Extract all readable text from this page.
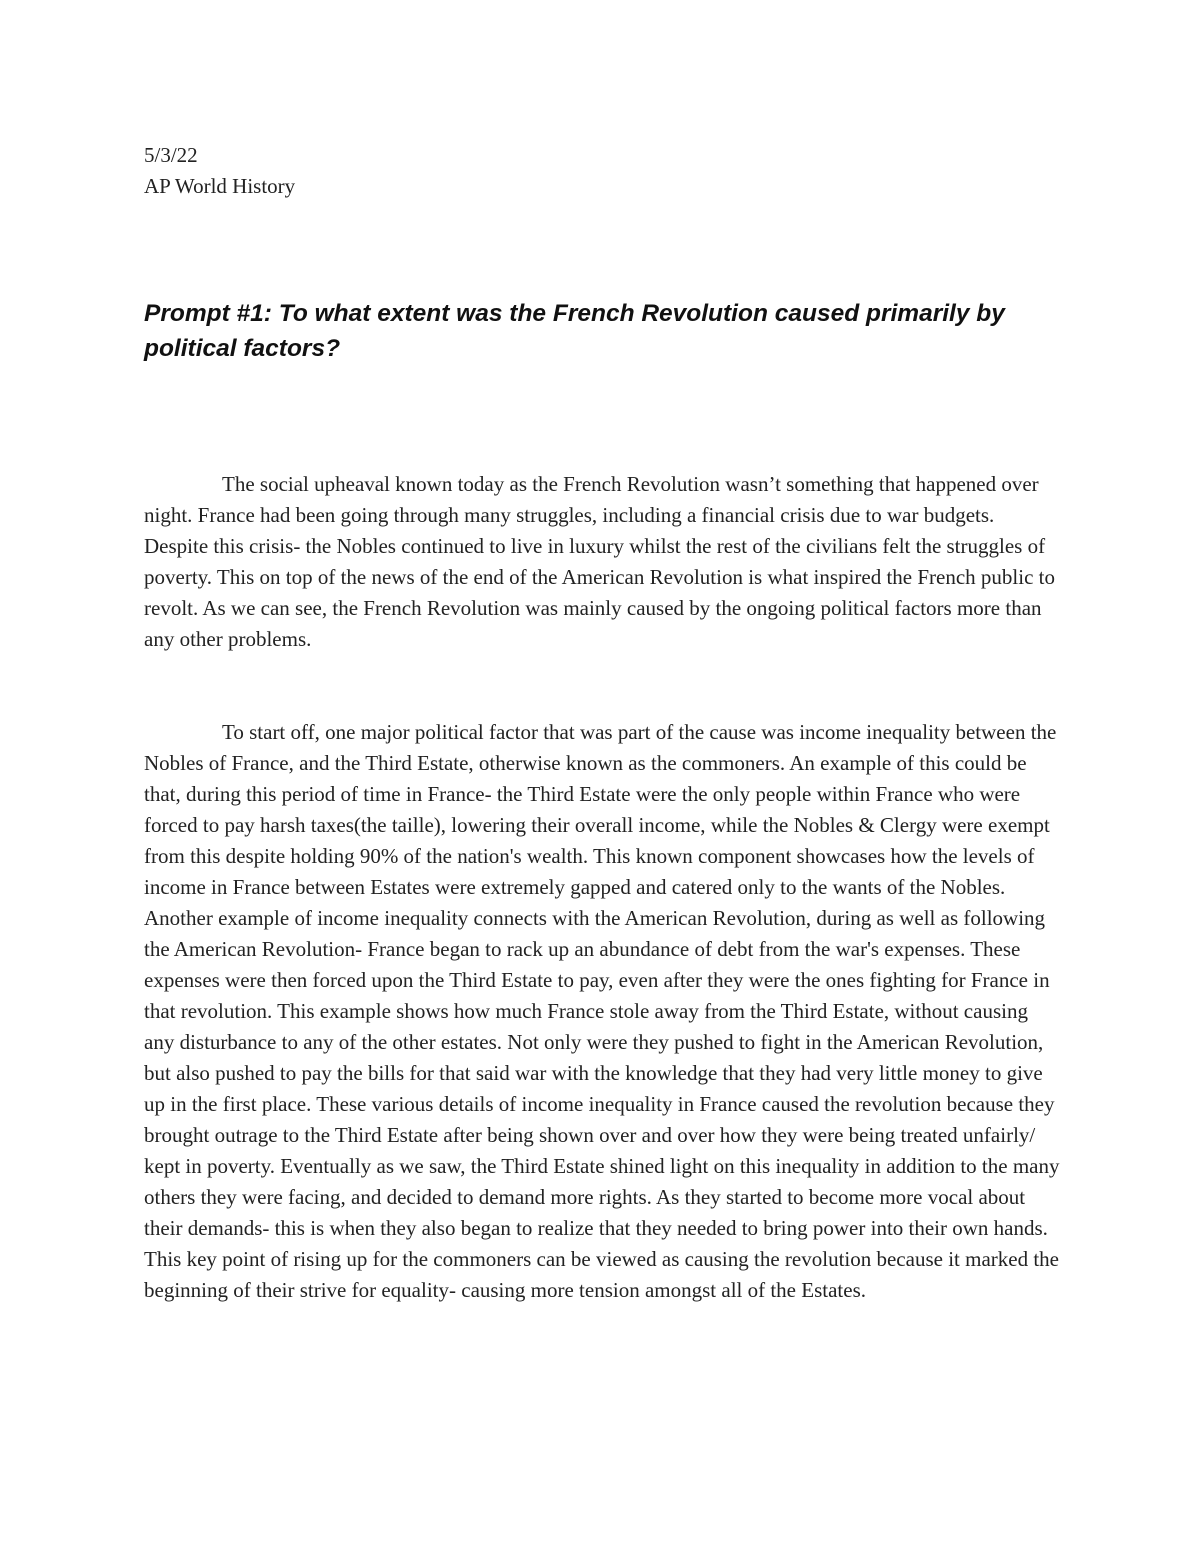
5/3/22

AP World History

Prompt #1: To what extent was the French Revolution caused primarily by political factors?

The social upheaval known today as the French Revolution wasn’t something that happened over night. France had been going through many struggles, including a financial crisis due to war budgets. Despite this crisis- the Nobles continued to live in luxury whilst the rest of the civilians felt the struggles of poverty. This on top of the news of the end of the American Revolution is what inspired the French public to revolt. As we can see, the French Revolution was mainly caused by the ongoing political factors more than any other problems.

To start off, one major political factor that was part of the cause was income inequality between the Nobles of France, and the Third Estate, otherwise known as the commoners. An example of this could be that, during this period of time in France- the Third Estate were the only people within France who were forced to pay harsh taxes(the taille), lowering their overall income, while the Nobles & Clergy were exempt from this despite holding 90% of the nation's wealth. This known component showcases how the levels of income in France between Estates were extremely gapped and catered only to the wants of the Nobles. Another example of income inequality connects with the American Revolution, during as well as following the American Revolution- France began to rack up an abundance of debt from the war's expenses. These expenses were then forced upon the Third Estate to pay, even after they were the ones fighting for France in that revolution. This example shows how much France stole away from the Third Estate, without causing any disturbance to any of the other estates. Not only were they pushed to fight in the American Revolution, but also pushed to pay the bills for that said war with the knowledge that they had very little money to give up in the first place. These various details of income inequality in France caused the revolution because they brought outrage to the Third Estate after being shown over and over how they were being treated unfairly/ kept in poverty. Eventually as we saw, the Third Estate shined light on this inequality in addition to the many others they were facing, and decided to demand more rights. As they started to become more vocal about their demands- this is when they also began to realize that they needed to bring power into their own hands. This key point of rising up for the commoners can be viewed as causing the revolution because it marked the beginning of their strive for equality- causing more tension amongst all of the Estates.
